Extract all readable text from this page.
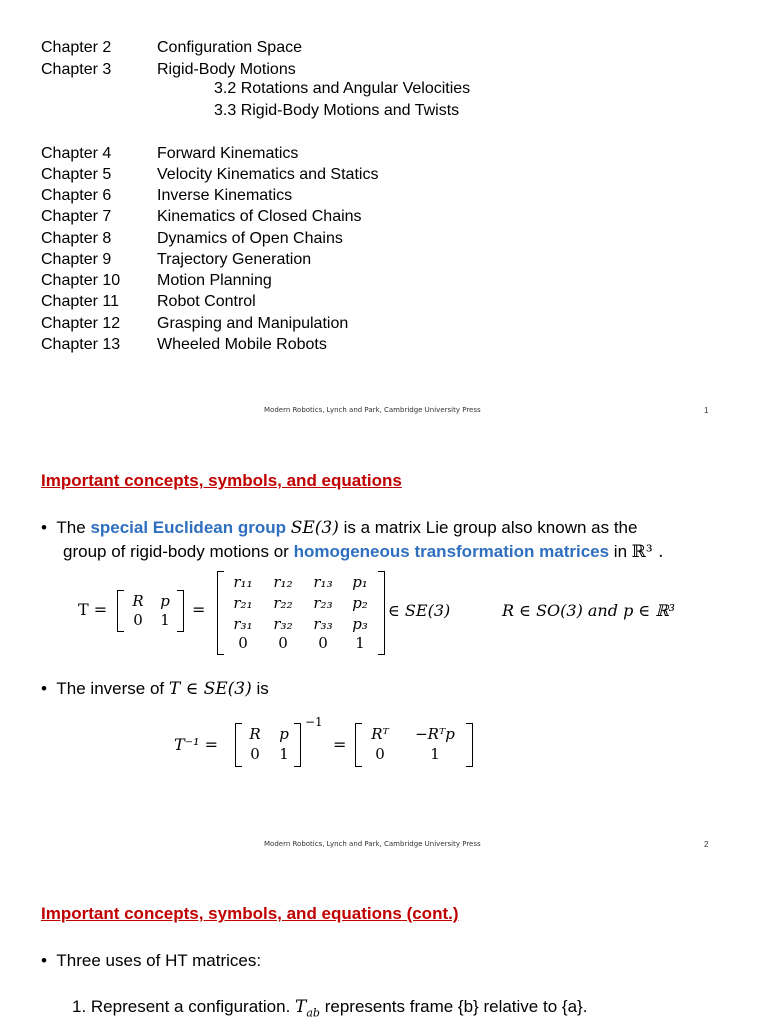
Chapter 2	Configuration Space
Chapter 3	Rigid-Body Motions
3.2 Rotations and Angular Velocities
3.3 Rigid-Body Motions and Twists
Chapter 4	Forward Kinematics
Chapter 5	Velocity Kinematics and Statics
Chapter 6	Inverse Kinematics
Chapter 7	Kinematics of Closed Chains
Chapter 8	Dynamics of Open Chains
Chapter 9	Trajectory Generation
Chapter 10 Motion Planning
Chapter 11 Robot Control
Chapter 12 Grasping and Manipulation
Chapter 13 Wheeled Mobile Robots
Modern Robotics, Lynch and Park, Cambridge University Press	1
Important concepts, symbols, and equations
•  The special Euclidean group SE(3) is a matrix Lie group also known as the
group of rigid-body motions or homogeneous transformation matrices in ℝ³ .
T = R	p
0	1
=
r₁₁	r₁₂	r₁₃	p₁
r₂₁	r₂₂	r₂₃	p₂
r₃₁	r₃₂	r₃₃	p₃
0	0	0	1
∈ SE(3)	R ∈ SO(3) and p ∈ ℝ³
•  The inverse of T ∈ SE(3) is
T⁻¹ =
R	p
0	1
−1
=
Rᵀ	−Rᵀp
0	1
Modern Robotics, Lynch and Park, Cambridge University Press	2
Important concepts, symbols, and equations (cont.)
•  Three uses of HT matrices:
1. Represent a configuration. $T_{ab}$ represents frame {b} relative to {a}.
